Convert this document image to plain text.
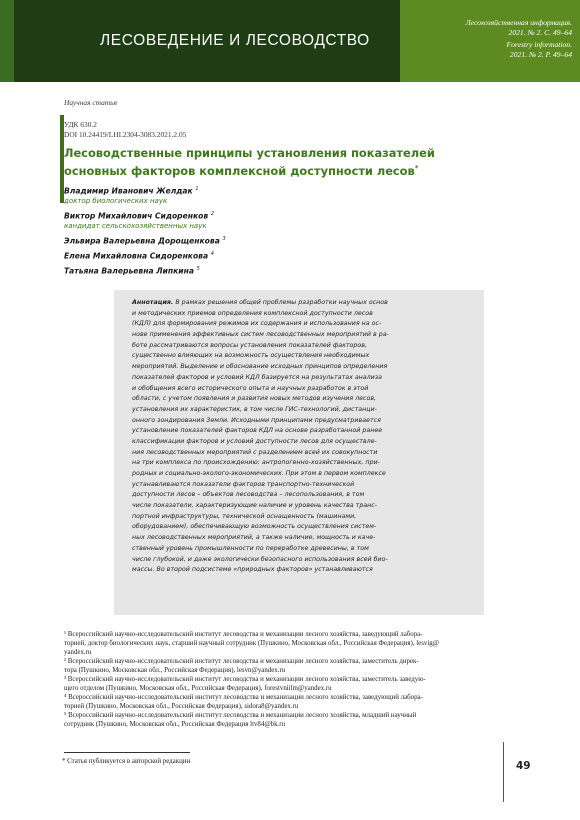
ЛЕСОВЕДЕНИЕ И ЛЕСОВОДСТВО
Лесохозяйственная информация.
2021. № 2. С. 49–64
Forestry information.
2021. № 2. P. 49–64
Научная статья
УДК 630.2
DOI 10.24419/LHI.2304-3083.2021.2.05
Лесоводственные принципы установления показателей
основных факторов комплексной доступности лесов*
Владимир Иванович Желдак $^1$
доктор биологических наук
Виктор Михайлович Сидоренков $^2$
кандидат сельскохозяйственных наук
Эльвира Валерьевна Дорощенкова $^3$
Елена Михайловна Сидоренкова $^4$
Татьяна Валерьевна Липкина $^5$
Аннотация. В рамках решения общей проблемы разработки научных основ
и методических приемов определения комплексной доступности лесов
(КДЛ) для формирования режимов их содержания и использования на ос-
нове применения эффективных систем лесоводственных мероприятий в ра-
боте рассматриваются вопросы установления показателей факторов,
существенно влияющих на возможность осуществления необходимых
мероприятий. Выделение и обоснование исходных принципов определения
показателей факторов и условий КДЛ базируется на результатах анализа
и обобщения всего исторического опыта и научных разработок в этой
области, с учетом появления и развития новых методов изучения лесов,
установления их характеристик, в том числе ГИС-технологий, дистанци-
онного зондирования Земли. Исходными принципами предусматривается
установление показателей факторов КДЛ на основе разработанной ранее
классификации факторов и условий доступности лесов для осуществле-
ния лесоводственных мероприятий с разделением всей их совокупности
на три комплекса по происхождению: антропогенно-хозяйственных, при-
родных и социально-эколого-экономических. При этом в первом комплексе
устанавливаются показатели факторов транспортно-технической
доступности лесов – объектов лесоводства – лесопользования, в том
числе показатели, характеризующие наличие и уровень качества транс-
портной инфраструктуры, технической оснащенность (машинами,
оборудованием), обеспечивающую возможность осуществления систем-
ных лесоводственных мероприятий, а также наличие, мощность и каче-
ственный уровень промышленности по переработке древесины, в том
числе глубокой, и даже экологически безопасного использования всей био-
массы. Во второй подсистеме «природных факторов» устанавливаются
¹ Всероссийский научно-исследовательский институт лесоводства и механизации лесного хозяйства, заведующий лабора-
торией, доктор биологических наук, старший научный сотрудник (Пушкино, Московская обл., Российская Федерация), lesvig@
yandex.ru
² Всероссийский научно-исследовательский институт лесоводства и механизации лесного хозяйства, заместитель дирек-
тора (Пушкино, Московская обл., Российская Федерация), lesvn@yandex.ru
³ Всероссийский научно-исследовательский институт лесоводства и механизации лесного хозяйства, заместитель заведую-
щего отделом (Пушкино, Московская обл., Российская Федерация), forestvniilm@yandex.ru
⁴ Всероссийский научно-исследовательский институт лесоводства и механизации лесного хозяйства, заведующий лабора-
торией (Пушкино, Московская обл., Российская Федерация), sidora8@yandex.ru
⁵ Всероссийский научно-исследовательский институт лесоводства и механизации лесного хозяйства, младший научный
сотрудник (Пушкино, Московская обл., Российская Федерация ltv84@bk.ru
* Статья публикуется в авторской редакции	49
